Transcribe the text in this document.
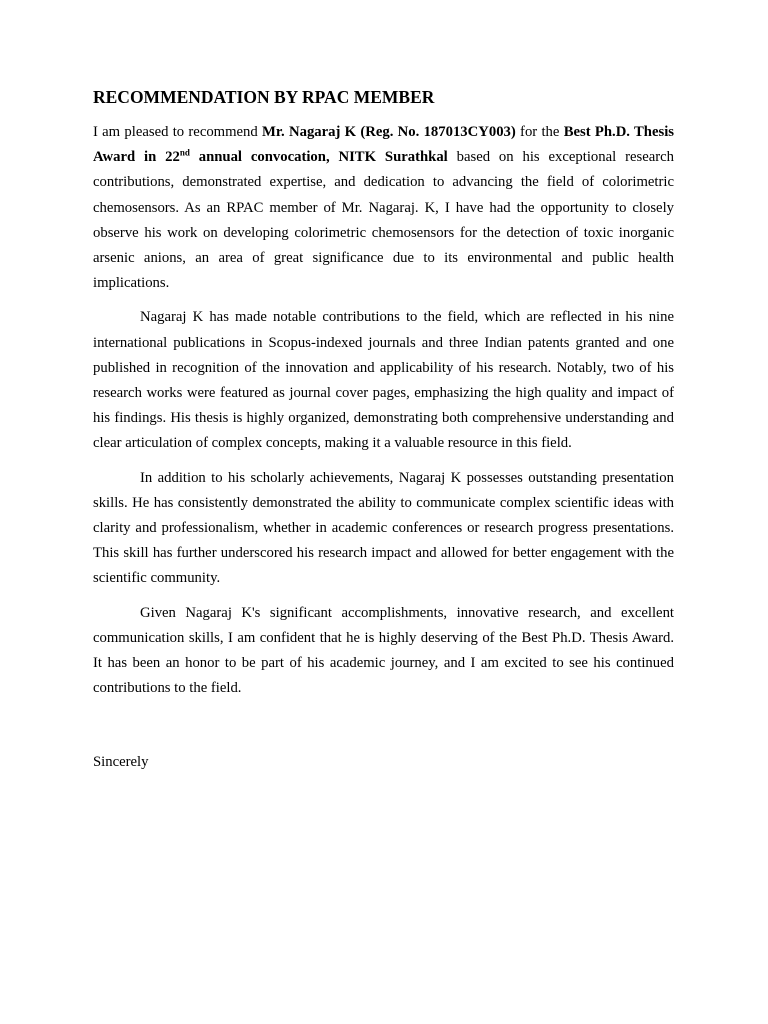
RECOMMENDATION BY RPAC MEMBER

I am pleased to recommend Mr. Nagaraj K (Reg. No. 187013CY003) for the Best Ph.D. Thesis Award in 22nd annual convocation, NITK Surathkal based on his exceptional research contributions, demonstrated expertise, and dedication to advancing the field of colorimetric chemosensors. As an RPAC member of Mr. Nagaraj. K, I have had the opportunity to closely observe his work on developing colorimetric chemosensors for the detection of toxic inorganic arsenic anions, an area of great significance due to its environmental and public health implications.

Nagaraj K has made notable contributions to the field, which are reflected in his nine international publications in Scopus-indexed journals and three Indian patents granted and one published in recognition of the innovation and applicability of his research. Notably, two of his research works were featured as journal cover pages, emphasizing the high quality and impact of his findings. His thesis is highly organized, demonstrating both comprehensive understanding and clear articulation of complex concepts, making it a valuable resource in this field.

In addition to his scholarly achievements, Nagaraj K possesses outstanding presentation skills. He has consistently demonstrated the ability to communicate complex scientific ideas with clarity and professionalism, whether in academic conferences or research progress presentations. This skill has further underscored his research impact and allowed for better engagement with the scientific community.

Given Nagaraj K's significant accomplishments, innovative research, and excellent communication skills, I am confident that he is highly deserving of the Best Ph.D. Thesis Award. It has been an honor to be part of his academic journey, and I am excited to see his continued contributions to the field.

Sincerely
